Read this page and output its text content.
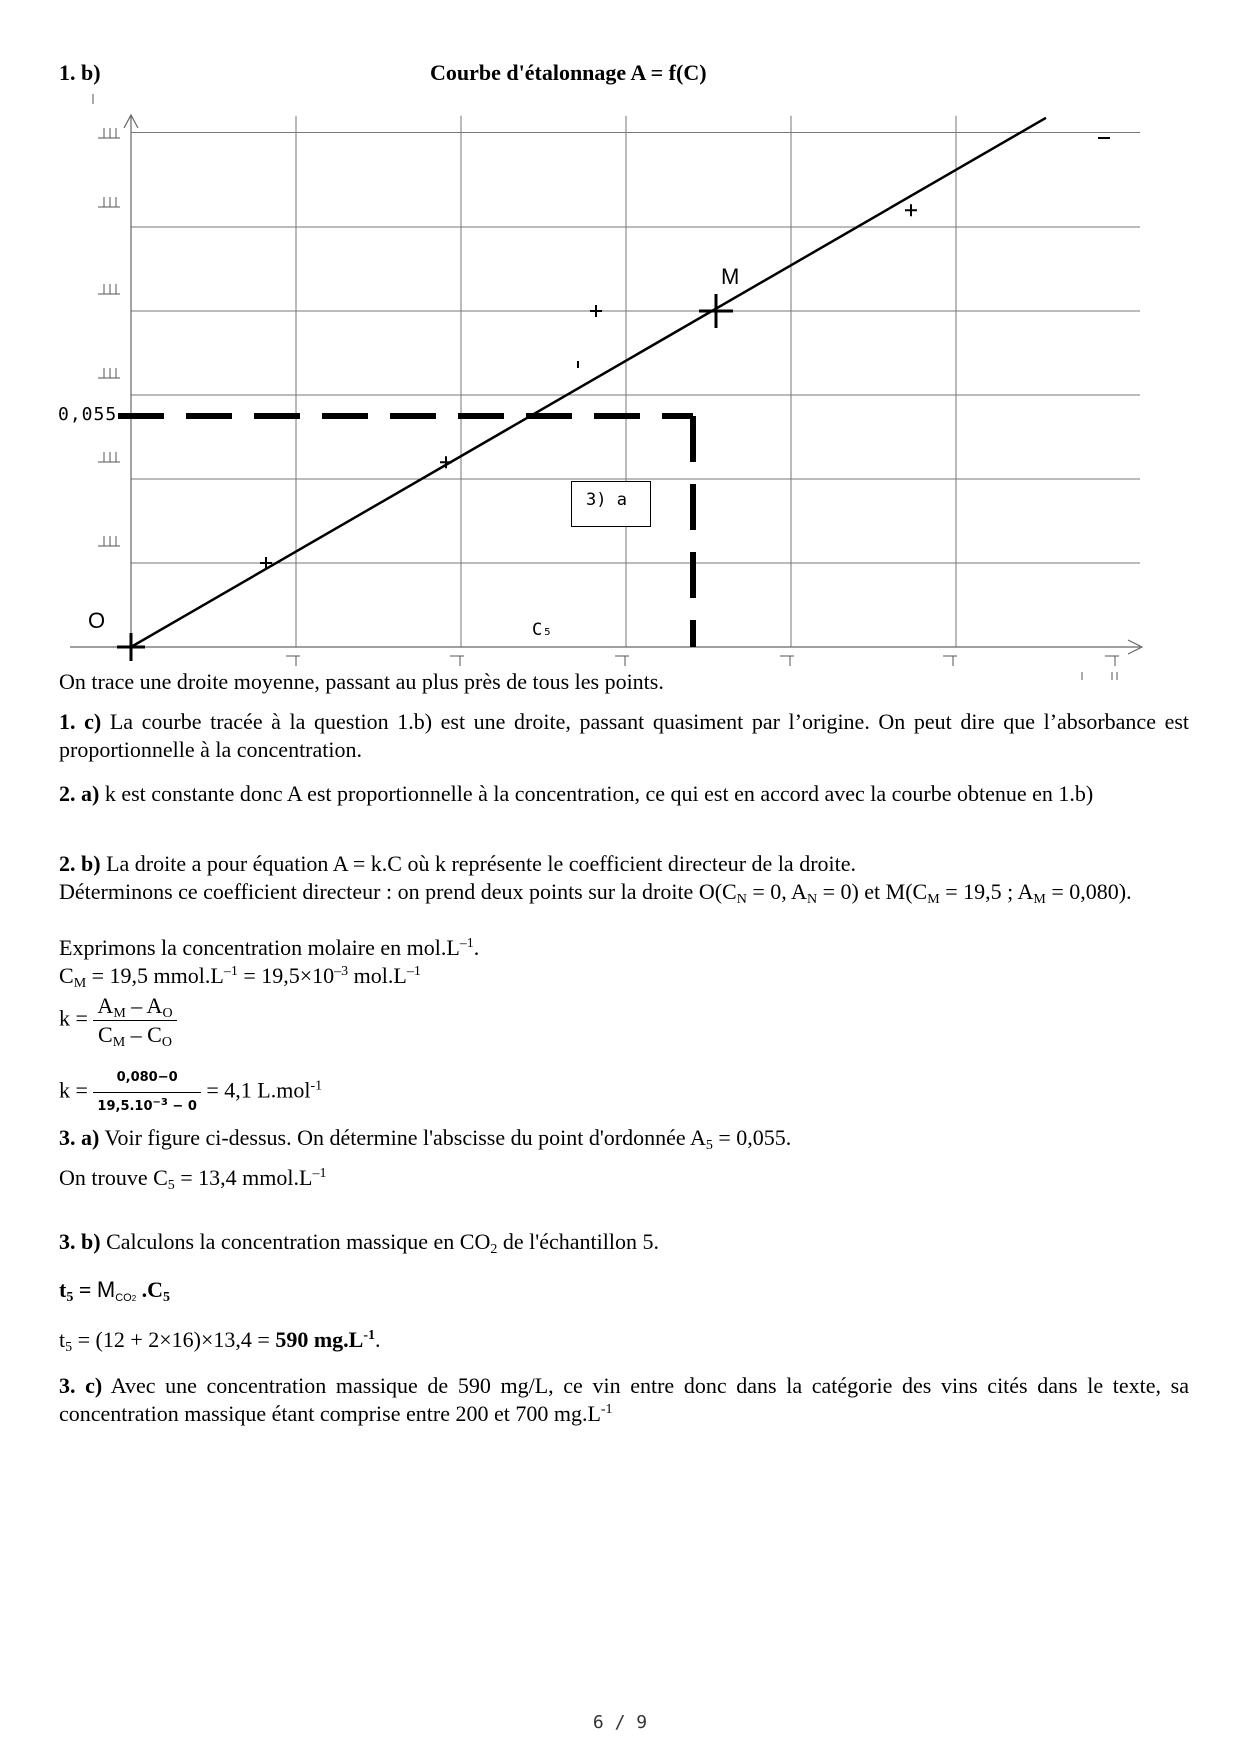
1. b)	Courbe d'étalonnage A = f(C)
0,055
O
M
C₅
3) a
On trace une droite moyenne, passant au plus près de tous les points.
1. c) La courbe tracée à la question 1.b) est une droite, passant quasiment par l’origine. On peut dire que l’absorbance est proportionnelle à la concentration.
2. a) k est constante donc A est proportionnelle à la concentration, ce qui est en accord avec la courbe obtenue en 1.b)
2. b) La droite a pour équation A = k.C où k représente le coefficient directeur de la droite.
Déterminons ce coefficient directeur : on prend deux points sur la droite $O(C_N = 0$, $A_N = 0$) et $M(C_M = 19,5$ ; $A_M = 0,080$).
Exprimons la concentration molaire en $mol.L^{-1}$.
$C_M = 19,5$ $mmol.L^{-1} = 19,5\times 10^{-3}$ $mol.L^{-1}$
$k = \frac{A_M - A_O}{C_M - C_O}$
$k = \frac{0,080-0}{19,5.10^{-3} - 0} = 4,1$ L.mol$^{-1}$
3. a) Voir figure ci-dessus. On détermine l'abscisse du point d'ordonnée $A_5 = 0,055$.
On trouve $C_5 = 13,4$ $mmol.L^{-1}$
3. b) Calculons la concentration massique en $CO_2$ de l'échantillon 5.
$t_5 = M_{CO2}$ $.C_5$
$t_5 = (12 + 2\times 16)\times 13,4 = 590$ $mg.L^{-1}$.
3. c) Avec une concentration massique de 590 mg/L, ce vin entre donc dans la catégorie des vins cités dans le texte, sa concentration massique étant comprise entre 200 et 700 $mg.L^{-1}$
6 / 9
